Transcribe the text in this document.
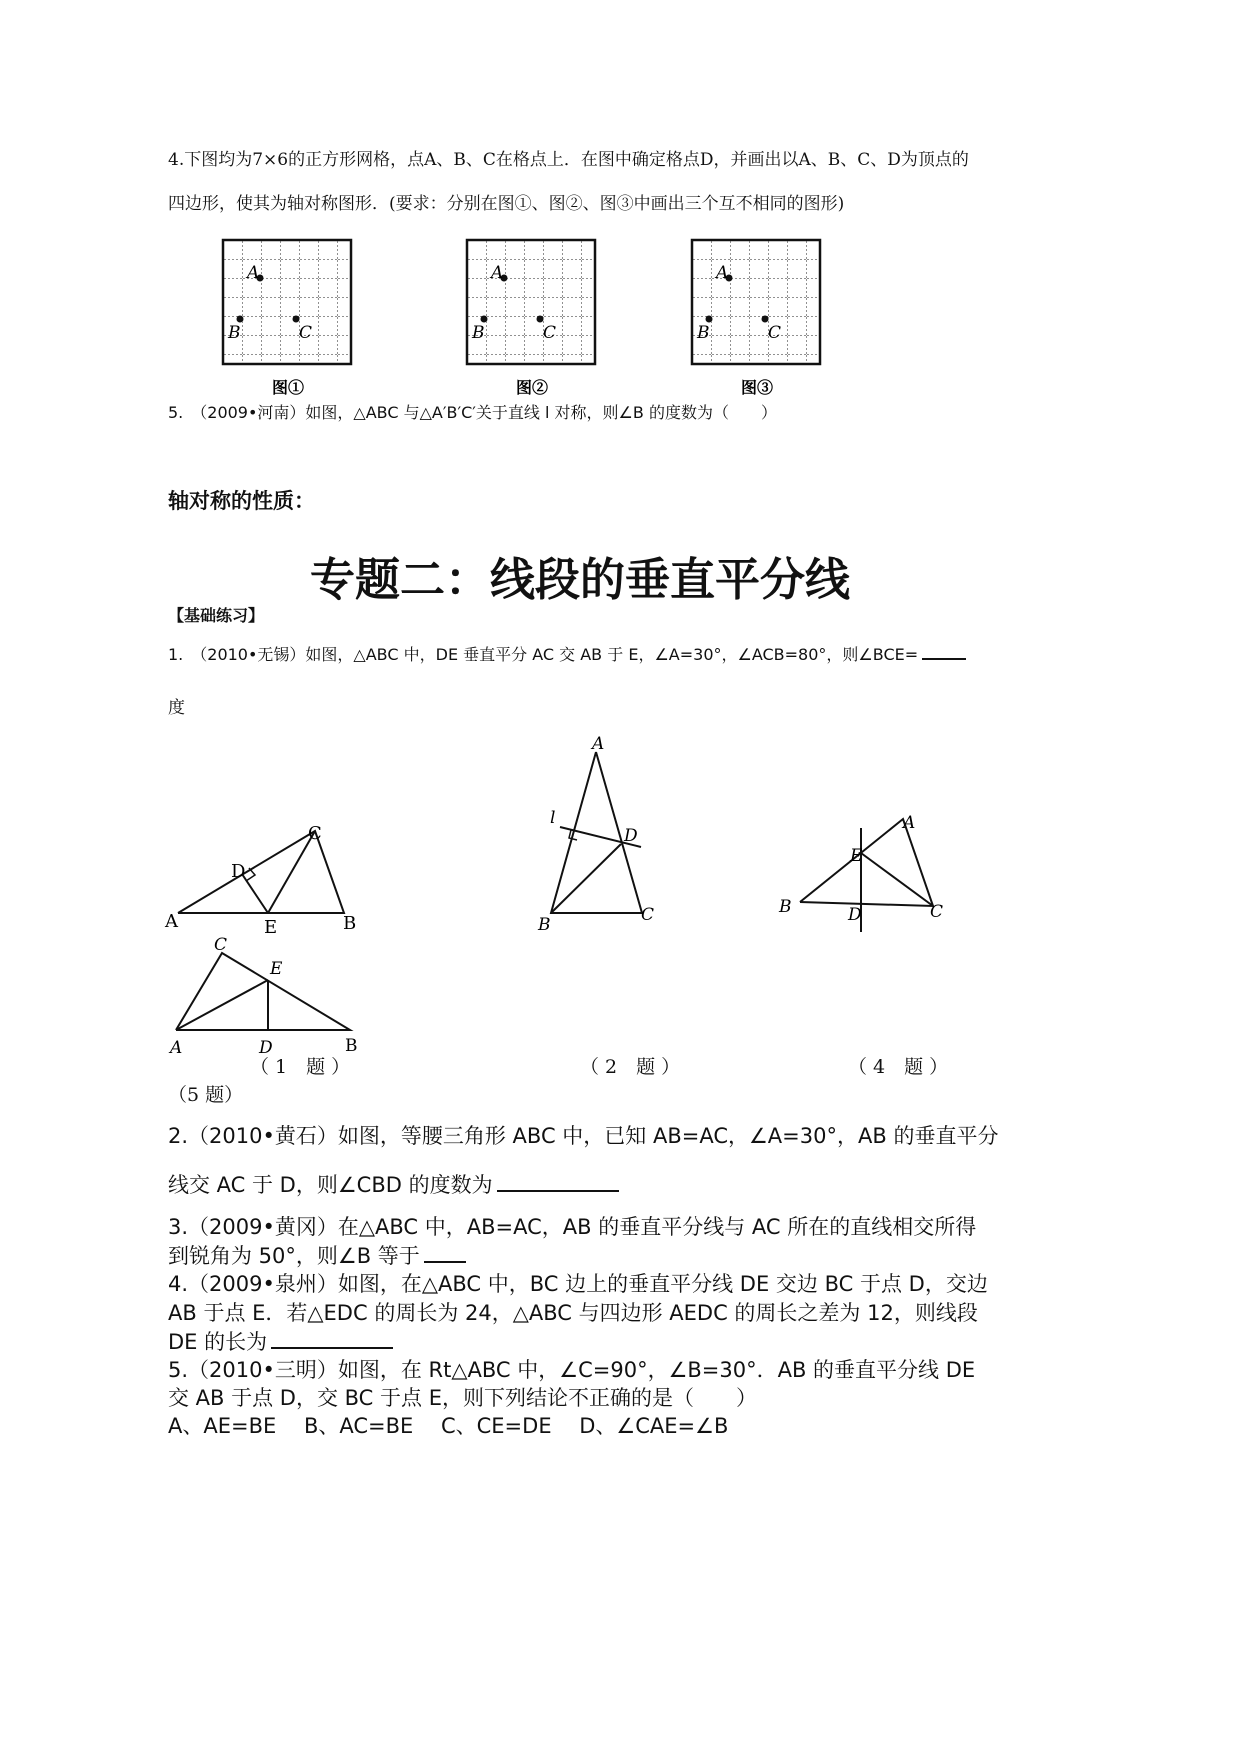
4.下图均为7×6的正方形网格，点A、B、C在格点上．在图中确定格点D，并画出以A、B、C、D为顶点的
四边形，使其为轴对称图形．(要求：分别在图①、图②、图③中画出三个互不相同的图形)
A
B	C
图①
A
B	C
图②
A
B	C
图③
5.　（2009•河南）如图，△ABC 与△A′B′C′关于直线 l 对称，则∠B 的度数为（　　）
轴对称的性质：
专题二：线段的垂直平分线
【基础练习】
1.　（2010•无锡）如图，△ABC 中，DE 垂直平分 AC 交 AB 于 E，∠A=30°，∠ACB=80°，则∠BCE=
度
C
D
A	E	B
A
l
D
B	C
A
E
B	D	C
C
E
A	D	B
（ 1　题 ）	（ 2　题 ）	（ 4　题 ）
（5 题）
2.（2010•黄石）如图，等腰三角形 ABC 中，已知 AB=AC，∠A=30°，AB 的垂直平分
线交 AC 于 D，则∠CBD 的度数为
3.（2009•黄冈）在△ABC 中，AB=AC，AB 的垂直平分线与 AC 所在的直线相交所得
到锐角为 50°，则∠B 等于
4.（2009•泉州）如图，在△ABC 中，BC 边上的垂直平分线 DE 交边 BC 于点 D，交边
AB 于点 E．若△EDC 的周长为 24，△ABC 与四边形 AEDC 的周长之差为 12，则线段
DE 的长为
5.（2010•三明）如图，在 Rt△ABC 中，∠C=90°，∠B=30°．AB 的垂直平分线 DE
交 AB 于点 D，交 BC 于点 E，则下列结论不正确的是（　　）
A、AE=BE　 B、AC=BE　 C、CE=DE　 D、∠CAE=∠B
